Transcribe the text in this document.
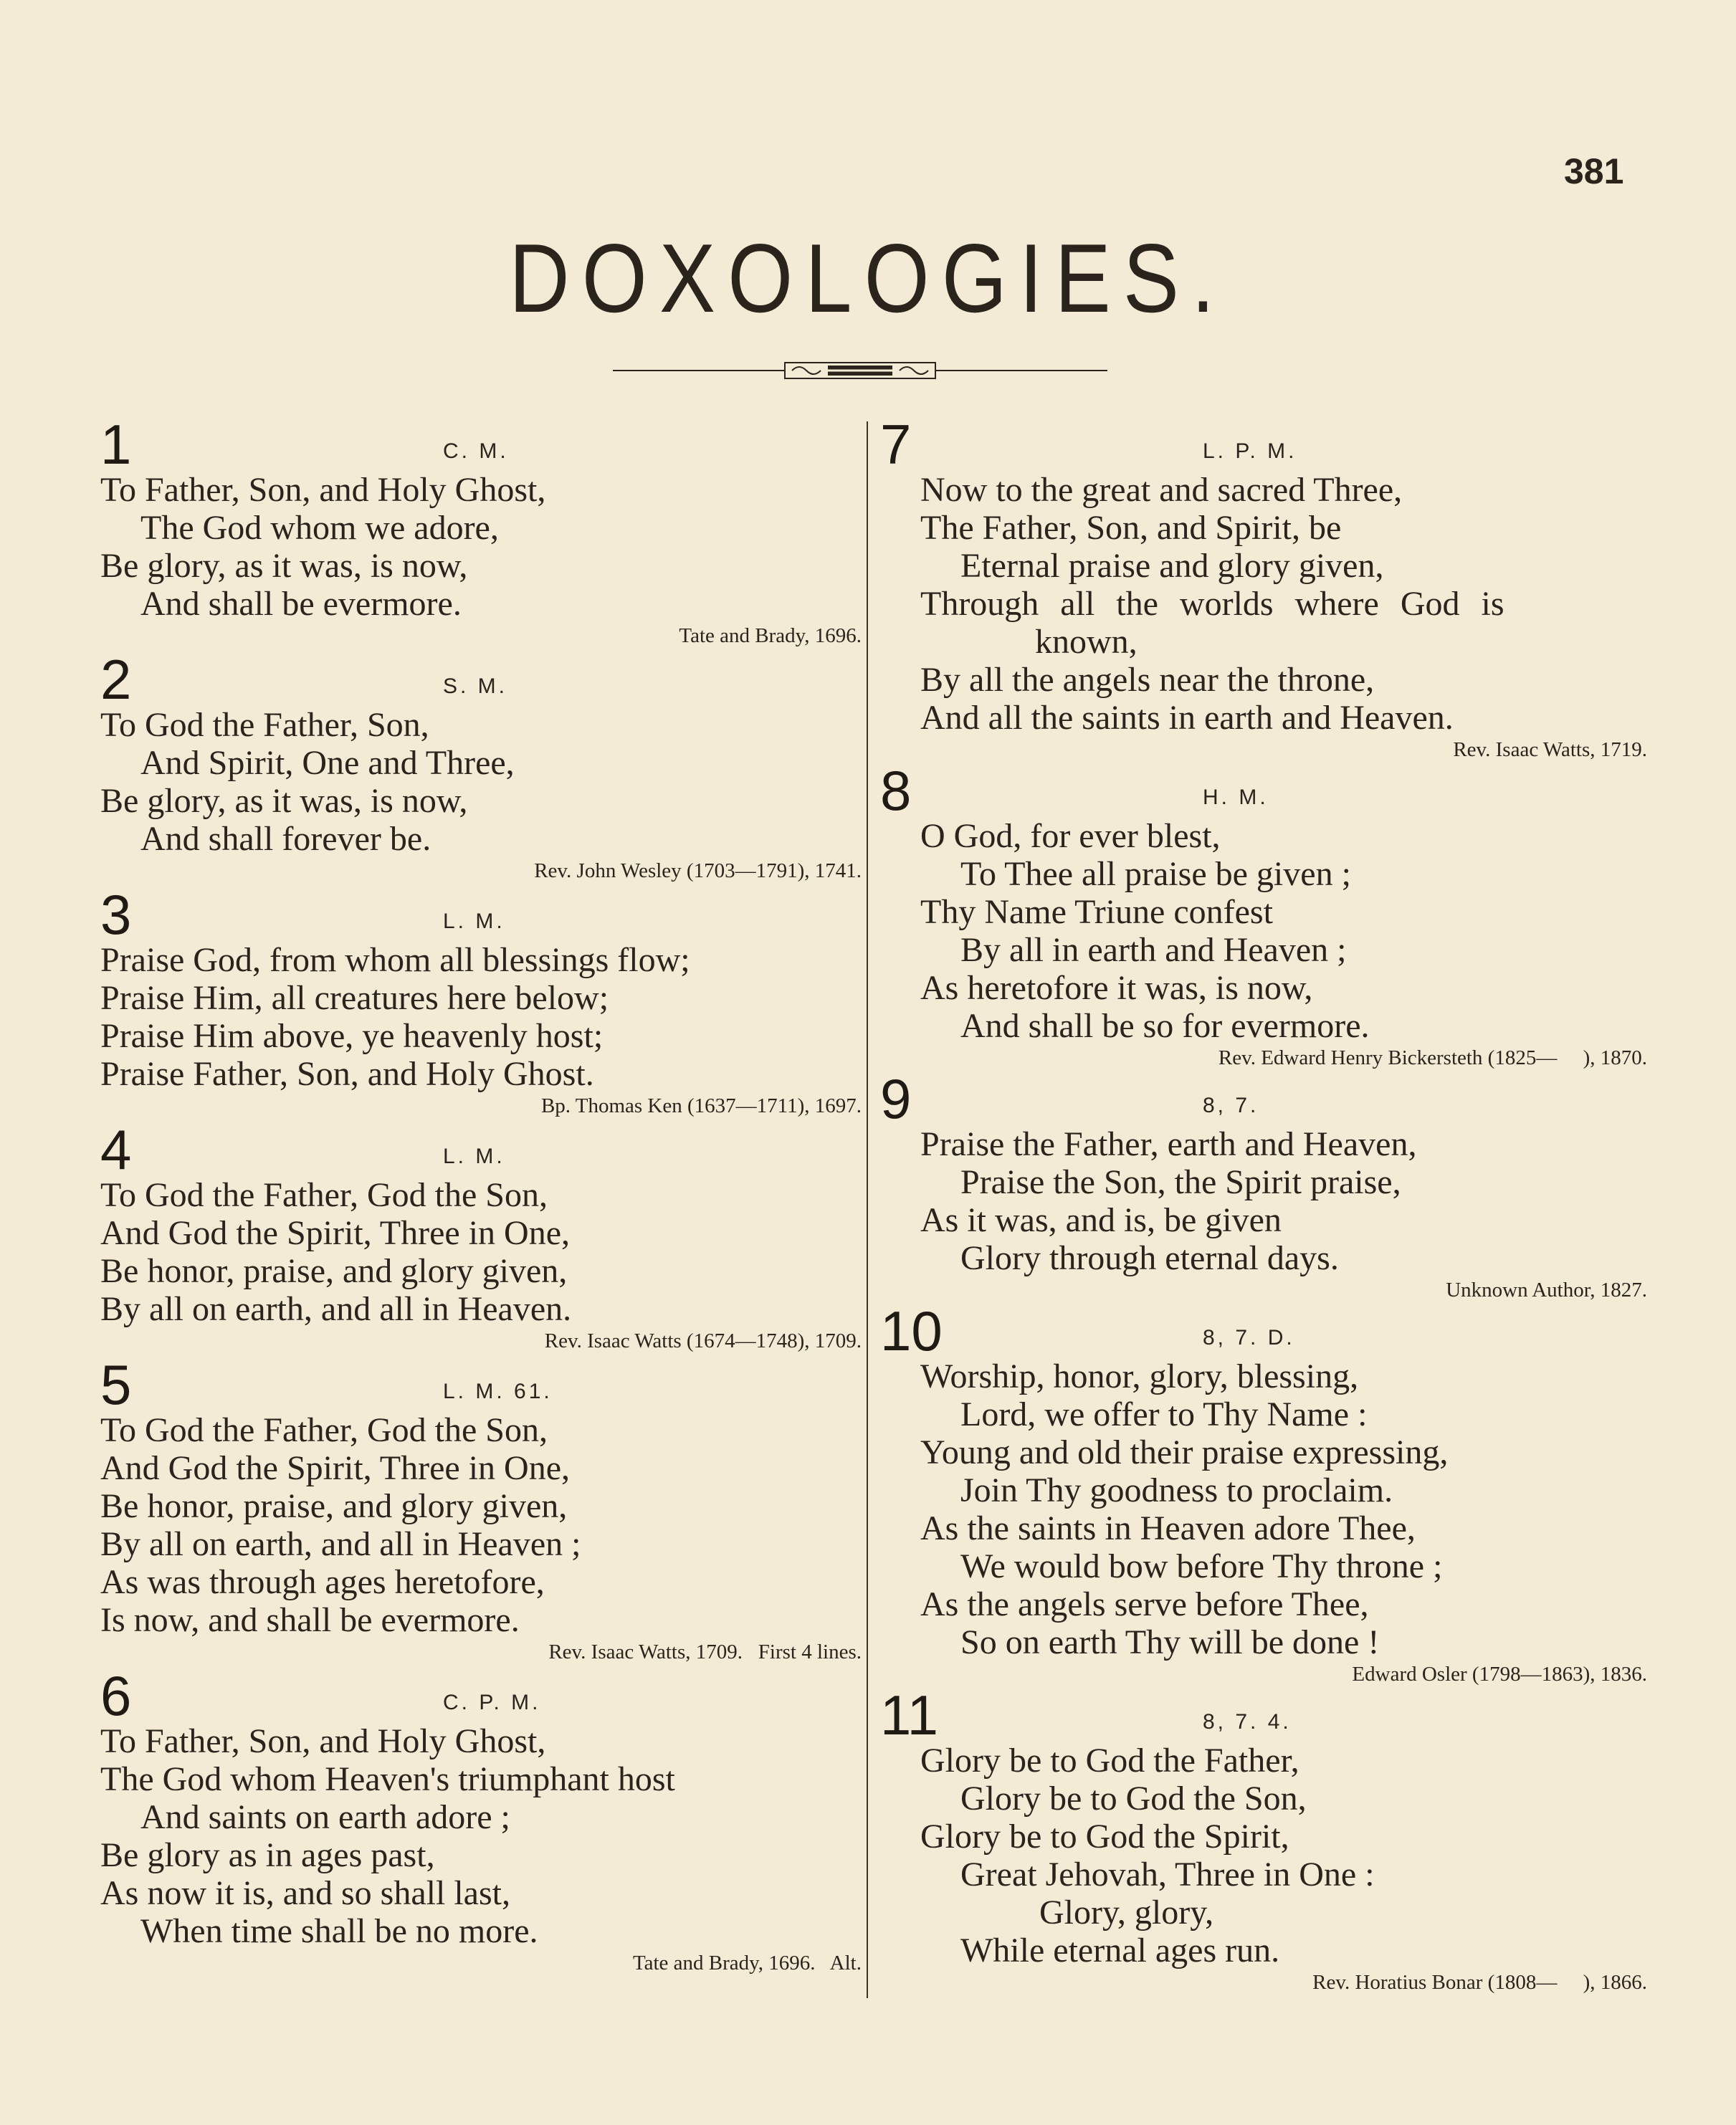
381
DOXOLOGIES.
1	C. M.
To Father, Son, and Holy Ghost,
The God whom we adore,
Be glory, as it was, is now,
And shall be evermore.
Tate and Brady, 1696.
2	S. M.
To God the Father, Son,
And Spirit, One and Three,
Be glory, as it was, is now,
And shall forever be.
Rev. John Wesley (1703—1791), 1741.
3	L. M.
Praise God, from whom all blessings flow;
Praise Him, all creatures here below;
Praise Him above, ye heavenly host;
Praise Father, Son, and Holy Ghost.
Bp. Thomas Ken (1637—1711), 1697.
4	L. M.
To God the Father, God the Son,
And God the Spirit, Three in One,
Be honor, praise, and glory given,
By all on earth, and all in Heaven.
Rev. Isaac Watts (1674—1748), 1709.
5	L. M. 61.
To God the Father, God the Son,
And God the Spirit, Three in One,
Be honor, praise, and glory given,
By all on earth, and all in Heaven ;
As was through ages heretofore,
Is now, and shall be evermore.
Rev. Isaac Watts, 1709.   First 4 lines.
6	C. P. M.
To Father, Son, and Holy Ghost,
The God whom Heaven's triumphant host
And saints on earth adore ;
Be glory as in ages past,
As now it is, and so shall last,
When time shall be no more.
Tate and Brady, 1696.   Alt.
7	L. P. M.
Now to the great and sacred Three,
The Father, Son, and Spirit, be
Eternal praise and glory given,
Through all the worlds where God is
known,
By all the angels near the throne,
And all the saints in earth and Heaven.
Rev. Isaac Watts, 1719.
8	H. M.
O God, for ever blest,
To Thee all praise be given ;
Thy Name Triune confest
By all in earth and Heaven ;
As heretofore it was, is now,
And shall be so for evermore.
Rev. Edward Henry Bickersteth (1825—     ), 1870.
9	8, 7.
Praise the Father, earth and Heaven,
Praise the Son, the Spirit praise,
As it was, and is, be given
Glory through eternal days.
Unknown Author, 1827.
10	8, 7. D.
Worship, honor, glory, blessing,
Lord, we offer to Thy Name :
Young and old their praise expressing,
Join Thy goodness to proclaim.
As the saints in Heaven adore Thee,
We would bow before Thy throne ;
As the angels serve before Thee,
So on earth Thy will be done !
Edward Osler (1798—1863), 1836.
11	8, 7. 4.
Glory be to God the Father,
Glory be to God the Son,
Glory be to God the Spirit,
Great Jehovah, Three in One :
Glory, glory,
While eternal ages run.
Rev. Horatius Bonar (1808—     ), 1866.
